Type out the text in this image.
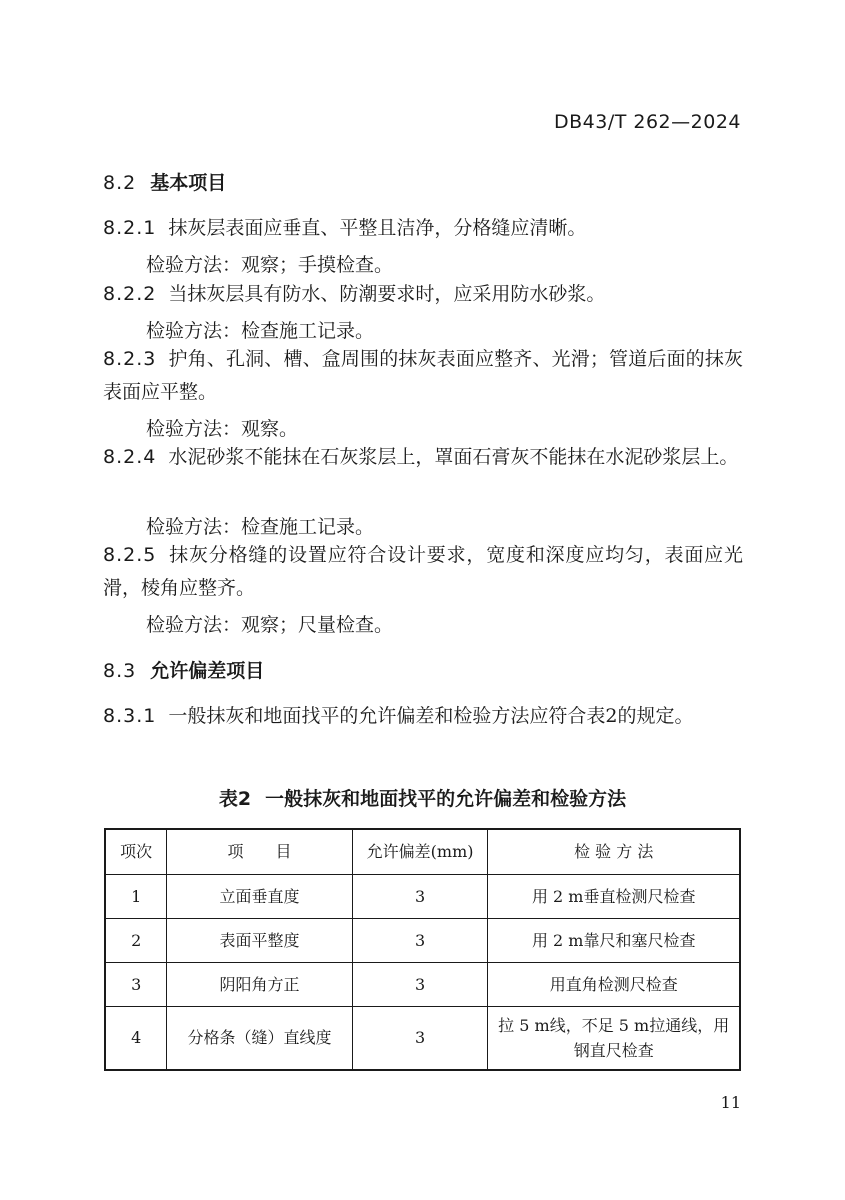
DB43/T 262—2024
8.2 基本项目
8.2.1 抹灰层表面应垂直、平整且洁净，分格缝应清晰。
检验方法：观察；手摸检查。
8.2.2 当抹灰层具有防水、防潮要求时，应采用防水砂浆。
检验方法：检查施工记录。
8.2.3 护角、孔洞、槽、盒周围的抹灰表面应整齐、光滑；管道后面的抹灰表面应平整。
检验方法：观察。
8.2.4 水泥砂浆不能抹在石灰浆层上，罩面石膏灰不能抹在水泥砂浆层上。
检验方法：检查施工记录。
8.2.5 抹灰分格缝的设置应符合设计要求，宽度和深度应均匀，表面应光滑，棱角应整齐。
检验方法：观察；尺量检查。
8.3 允许偏差项目
8.3.1 一般抹灰和地面找平的允许偏差和检验方法应符合表2的规定。
表2 一般抹灰和地面找平的允许偏差和检验方法
项次	项　　目	允许偏差(mm)	检 验 方 法
1	立面垂直度	3	用 2 m垂直检测尺检查
2	表面平整度	3	用 2 m靠尺和塞尺检查
3	阴阳角方正	3	用直角检测尺检查
4	分格条（缝）直线度	3	拉 5 m线，不足 5 m拉通线，用钢直尺检查
11
